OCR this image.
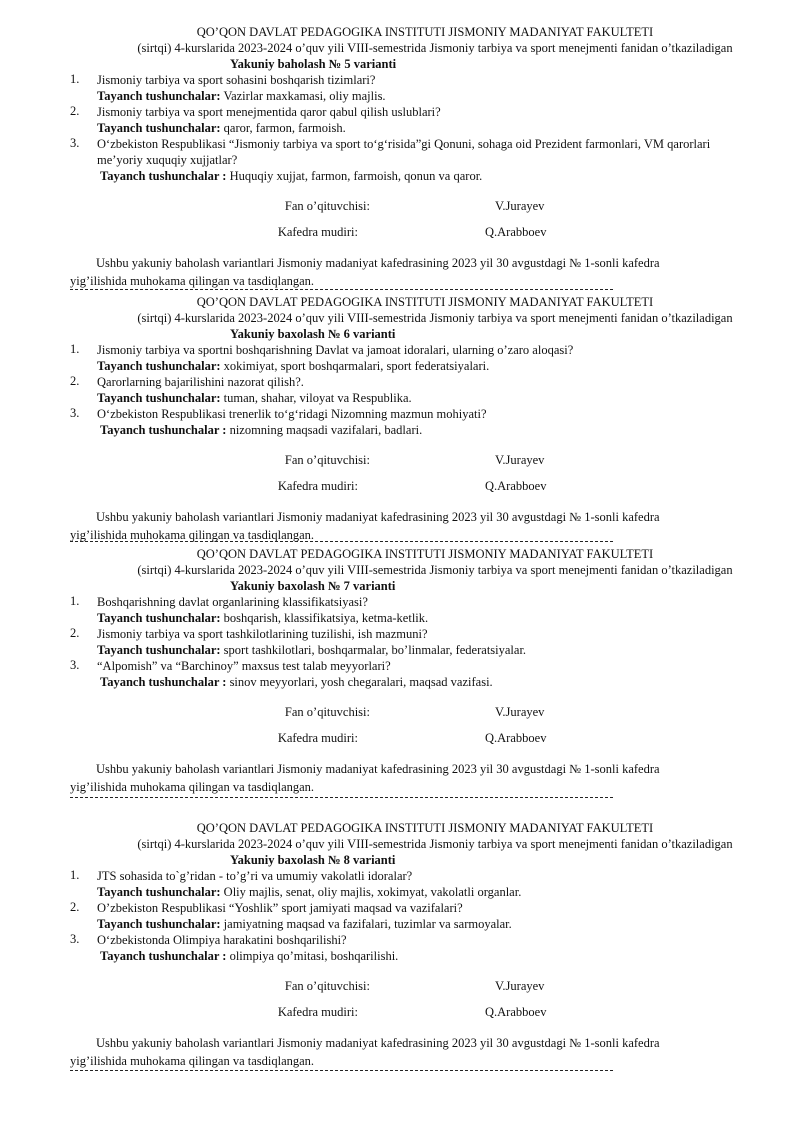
QO’QON DAVLAT PEDAGOGIKA INSTITUTI JISMONIY MADANIYAT FAKULTETI
(sirtqi) 4-kurslarida 2023-2024 o’quv yili VIII-semestrida Jismoniy tarbiya va sport menejmenti fanidan o’tkaziladigan
Yakuniy baholash № 5 varianti
1.	Jismoniy tarbiya va sport sohasini boshqarish tizimlari?
Tayanch tushunchalar: Vazirlar maxkamasi, oliy majlis.
2.	Jismoniy tarbiya va sport menejmentida qaror qabul qilish uslublari?
Tayanch tushunchalar: qaror, farmon, farmoish.
3.	O‘zbekiston Respublikasi “Jismoniy tarbiya va sport to‘g‘risida”gi Qonuni, sohaga oid Prezident farmonlari, VM qarorlari me’yoriy xuquqiy xujjatlar?
Tayanch tushunchalar : Huquqiy xujjat, farmon, farmoish, qonun va qaror.
Fan o’qituvchisi:	V.Jurayev
Kafedra mudiri:	Q.Arabboev
Ushbu yakuniy baholash variantlari Jismoniy madaniyat kafedrasining 2023 yil 30 avgustdagi № 1-sonli kafedra yig’ilishida muhokama qilingan va tasdiqlangan.
QO’QON DAVLAT PEDAGOGIKA INSTITUTI JISMONIY MADANIYAT FAKULTETI
(sirtqi) 4-kurslarida 2023-2024 o’quv yili VIII-semestrida Jismoniy tarbiya va sport menejmenti fanidan o’tkaziladigan
Yakuniy baxolash № 6 varianti
1.	Jismoniy tarbiya va sportni boshqarishning Davlat va jamoat idoralari, ularning o’zaro aloqasi?
Tayanch tushunchalar: xokimiyat, sport boshqarmalari, sport federatsiyalari.
2.	Qarorlarning bajarilishini nazorat qilish?.
Tayanch tushunchalar: tuman, shahar, viloyat va Respublika.
3.	O‘zbekiston Respublikasi trenerlik to‘g‘ridagi Nizomning mazmun mohiyati?
Tayanch tushunchalar : nizomning maqsadi vazifalari, badlari.
Fan o’qituvchisi:	V.Jurayev
Kafedra mudiri:	Q.Arabboev
Ushbu yakuniy baholash variantlari Jismoniy madaniyat kafedrasining 2023 yil 30 avgustdagi № 1-sonli kafedra yig’ilishida muhokama qilingan va tasdiqlangan.
QO’QON DAVLAT PEDAGOGIKA INSTITUTI JISMONIY MADANIYAT FAKULTETI
(sirtqi) 4-kurslarida 2023-2024 o’quv yili VIII-semestrida Jismoniy tarbiya va sport menejmenti fanidan o’tkaziladigan
Yakuniy baxolash № 7 varianti
1.	Boshqarishning davlat organlarining klassifikatsiyasi?
Tayanch tushunchalar: boshqarish, klassifikatsiya, ketma-ketlik.
2.	Jismoniy tarbiya va sport tashkilotlarining tuzilishi, ish mazmuni?
Tayanch tushunchalar: sport tashkilotlari, boshqarmalar, bo’linmalar, federatsiyalar.
3.	“Alpomish” va “Barchinoy” maxsus test talab meyyorlari?
Tayanch tushunchalar : sinov meyyorlari, yosh chegaralari, maqsad vazifasi.
Fan o’qituvchisi:	V.Jurayev
Kafedra mudiri:	Q.Arabboev
Ushbu yakuniy baholash variantlari Jismoniy madaniyat kafedrasining 2023 yil 30 avgustdagi № 1-sonli kafedra yig’ilishida muhokama qilingan va tasdiqlangan.
QO’QON DAVLAT PEDAGOGIKA INSTITUTI JISMONIY MADANIYAT FAKULTETI
(sirtqi) 4-kurslarida 2023-2024 o’quv yili VIII-semestrida Jismoniy tarbiya va sport menejmenti fanidan o’tkaziladigan
Yakuniy baxolash № 8 varianti
1.	JTS sohasida to`g’ridan - to’g’ri va umumiy vakolatli idoralar?
Tayanch tushunchalar: Oliy majlis, senat, oliy majlis, xokimyat, vakolatli organlar.
2.	O’zbekiston Respublikasi “Yoshlik” sport jamiyati maqsad va vazifalari?
Tayanch tushunchalar: jamiyatning maqsad va fazifalari, tuzimlar va sarmoyalar.
3.	O‘zbekistonda Olimpiya harakatini boshqarilishi?
Tayanch tushunchalar : olimpiya qo’mitasi, boshqarilishi.
Fan o’qituvchisi:	V.Jurayev
Kafedra mudiri:	Q.Arabboev
Ushbu yakuniy baholash variantlari Jismoniy madaniyat kafedrasining 2023 yil 30 avgustdagi № 1-sonli kafedra yig’ilishida muhokama qilingan va tasdiqlangan.
